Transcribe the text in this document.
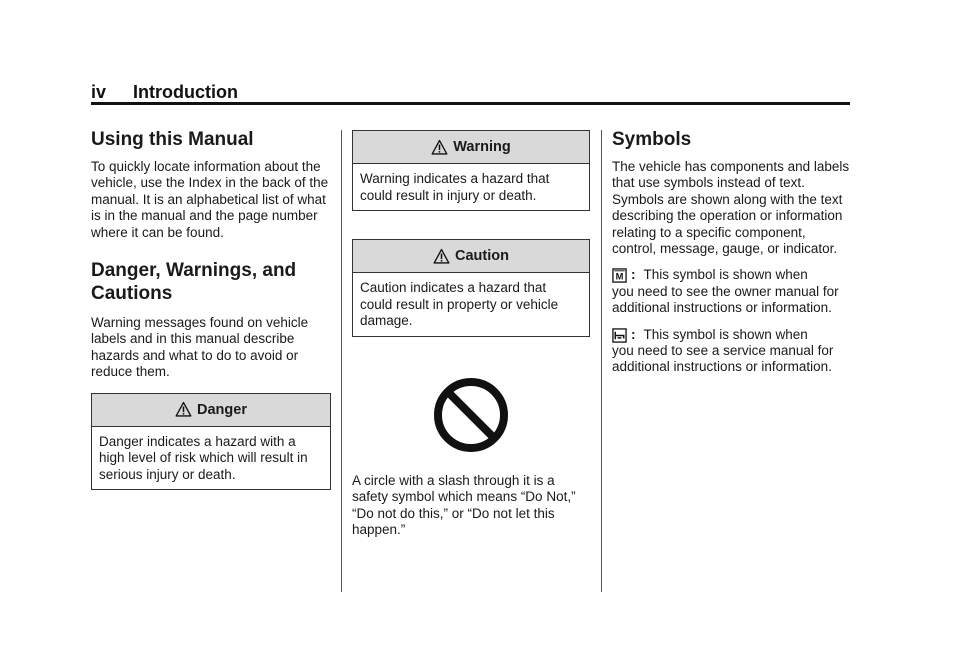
iv Introduction
Using this Manual

To quickly locate information about the vehicle, use the Index in the back of the manual. It is an alphabetical list of what is in the manual and the page number where it can be found.

Danger, Warnings, and
Cautions

Warning messages found on vehicle labels and in this manual describe hazards and what to do to avoid or reduce them.

Danger
Danger indicates a hazard with a high level of risk which will result in serious injury or death.
Warning
Warning indicates a hazard that could result in injury or death.
Caution
Caution indicates a hazard that could result in property or vehicle damage.

A circle with a slash through it is a safety symbol which means “Do Not,” “Do not do this,” or “Do not let this happen.”

Symbols

The vehicle has components and labels that use symbols instead of text. Symbols are shown along with the text describing the operation or information relating to a specific component, control, message, gauge, or indicator.

M : This symbol is shown when

you need to see the owner manual for additional instructions or information.

: This symbol is shown when

you need to see a service manual for additional instructions or information.
